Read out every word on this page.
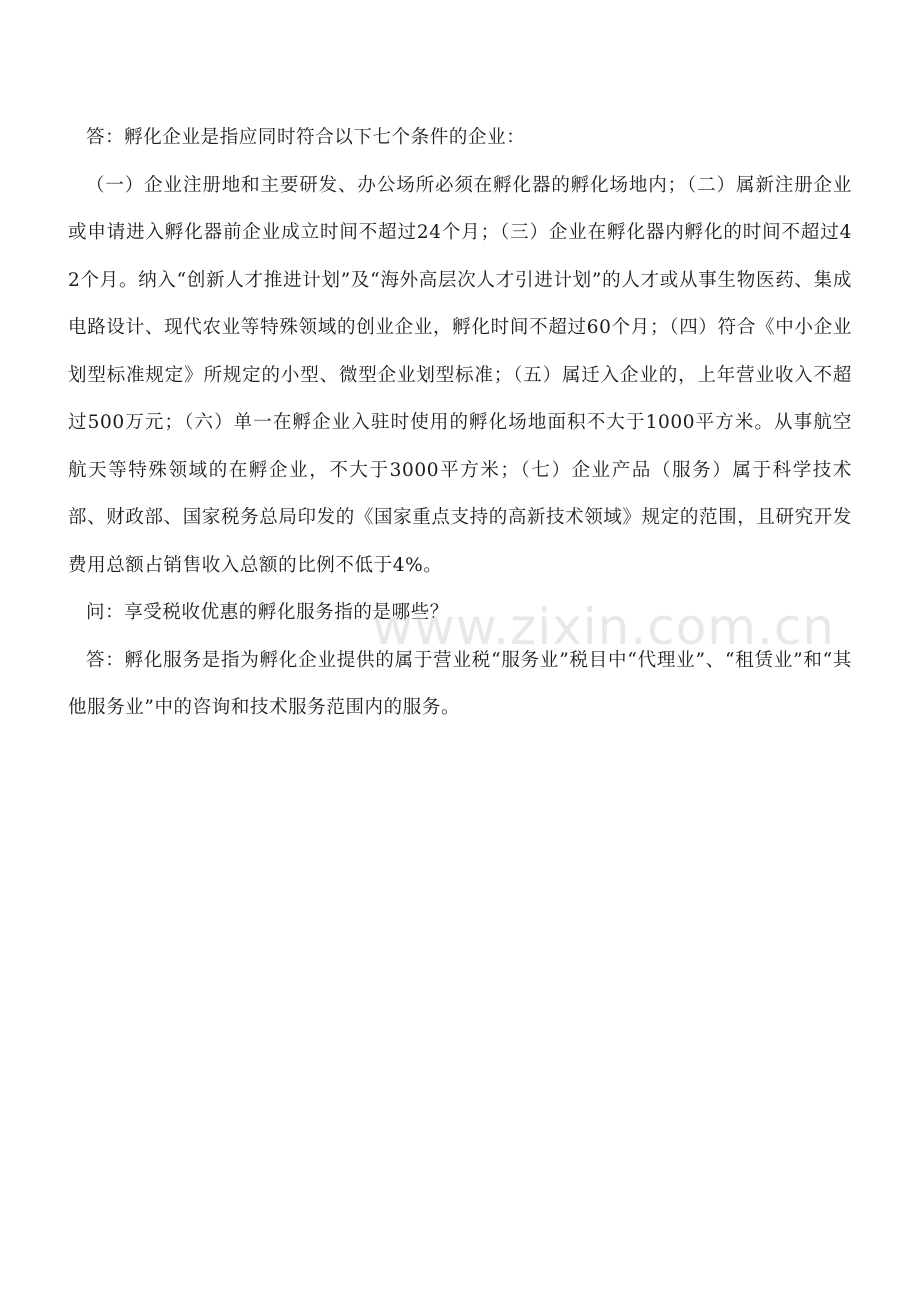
答：孵化企业是指应同时符合以下七个条件的企业：

（一）企业注册地和主要研发、办公场所必须在孵化器的孵化场地内；（二）属新注册企业或申请进入孵化器前企业成立时间不超过24个月；（三）企业在孵化器内孵化的时间不超过42个月。纳入“创新人才推进计划”及“海外高层次人才引进计划”的人才或从事生物医药、集成电路设计、现代农业等特殊领域的创业企业，孵化时间不超过60个月；（四）符合《中小企业划型标准规定》所规定的小型、微型企业划型标准；（五）属迁入企业的，上年营业收入不超过500万元；（六）单一在孵企业入驻时使用的孵化场地面积不大于1000平方米。从事航空航天等特殊领域的在孵企业，不大于3000平方米；（七）企业产品（服务）属于科学技术部、财政部、国家税务总局印发的《国家重点支持的高新技术领域》规定的范围，且研究开发费用总额占销售收入总额的比例不低于4%。

问：享受税收优惠的孵化服务指的是哪些？

答：孵化服务是指为孵化企业提供的属于营业税“服务业”税目中“代理业”、“租赁业”和“其他服务业”中的咨询和技术服务范围内的服务。

www.zixin.com.cn
